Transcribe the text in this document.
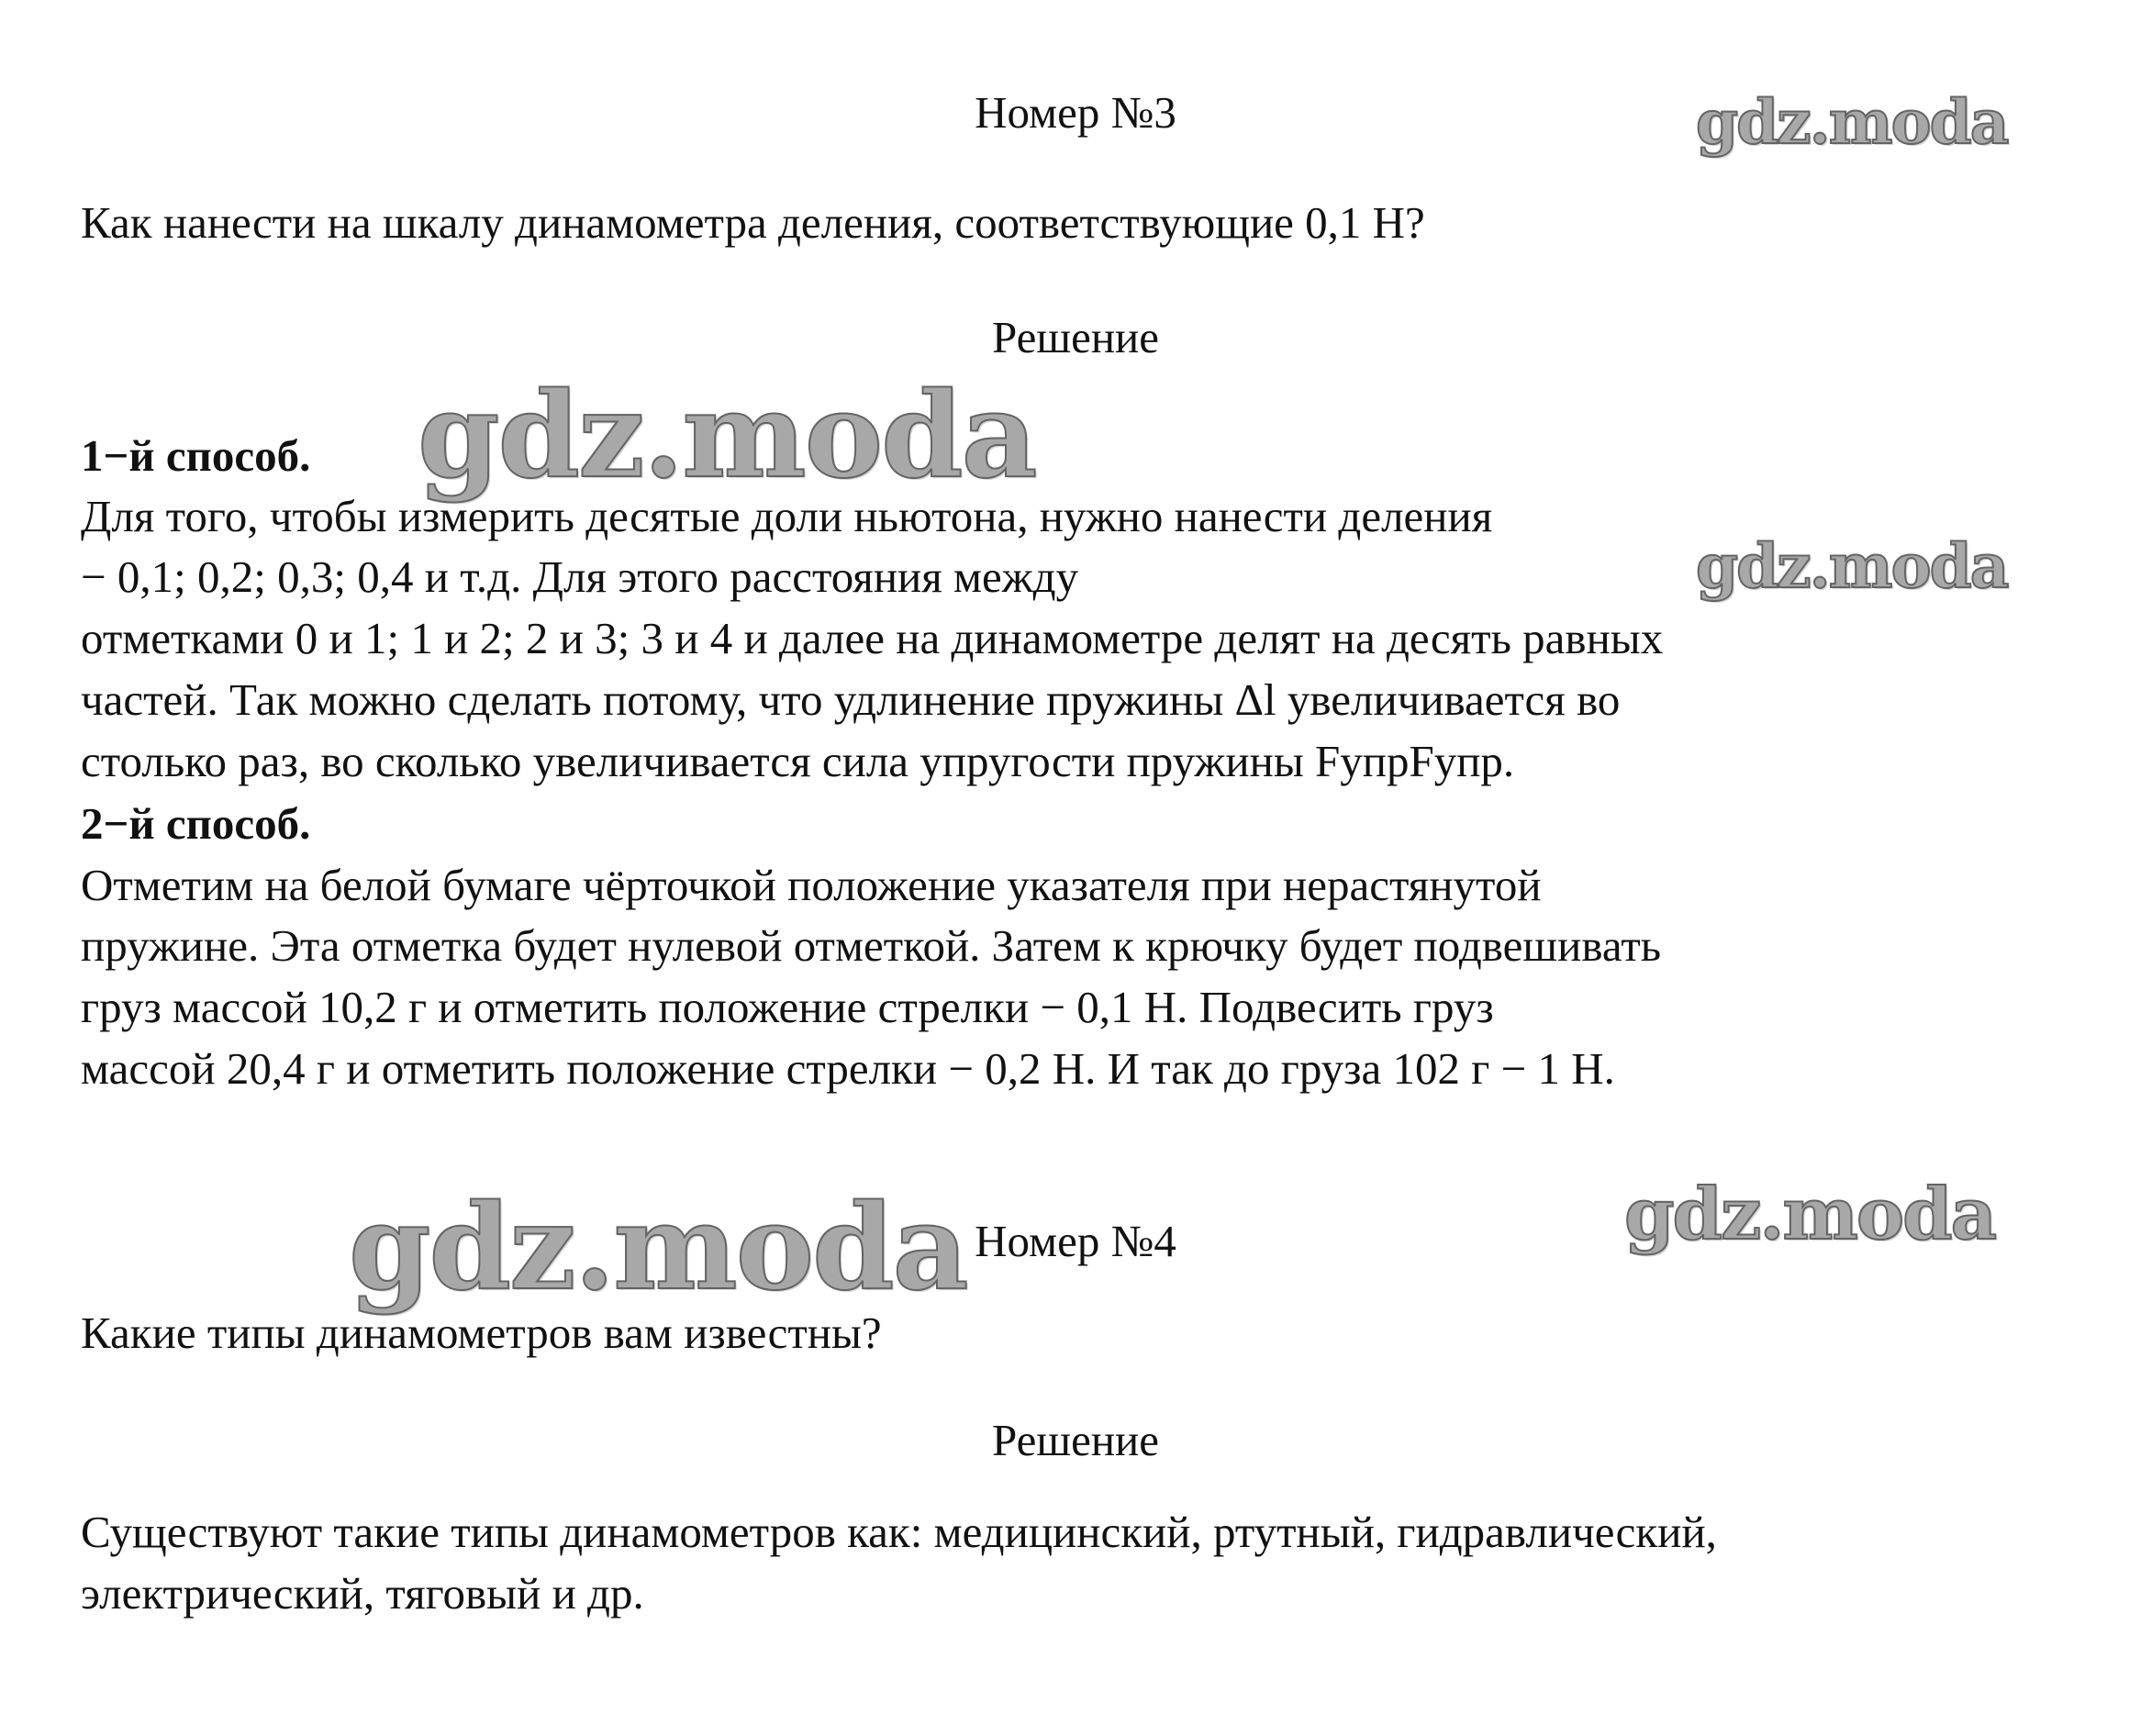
Номер №3
Как нанести на шкалу динамометра деления, соответствующие 0,1 Н?
Решение
1−й способ.
Для того, чтобы измерить десятые доли ньютона, нужно нанести деления
− 0,1; 0,2; 0,3; 0,4 и т.д. Для этого расстояния между
отметками 0 и 1; 1 и 2; 2 и 3; 3 и 4 и далее на динамометре делят на десять равных
частей. Так можно сделать потому, что удлинение пружины Δl увеличивается во
столько раз, во сколько увеличивается сила упругости пружины FупрFупр.
2−й способ.
Отметим на белой бумаге чёрточкой положение указателя при нерастянутой
пружине. Эта отметка будет нулевой отметкой. Затем к крючку будет подвешивать
груз массой 10,2 г и отметить положение стрелки − 0,1 Н. Подвесить груз
массой 20,4 г и отметить положение стрелки − 0,2 Н. И так до груза 102 г − 1 Н.
Номер №4
Какие типы динамометров вам известны?
Решение
Существуют такие типы динамометров как: медицинский, ртутный, гидравлический,
электрический, тяговый и др.
gdz.moda
gdz.moda
gdz.moda
gdz.moda
gdz.moda
